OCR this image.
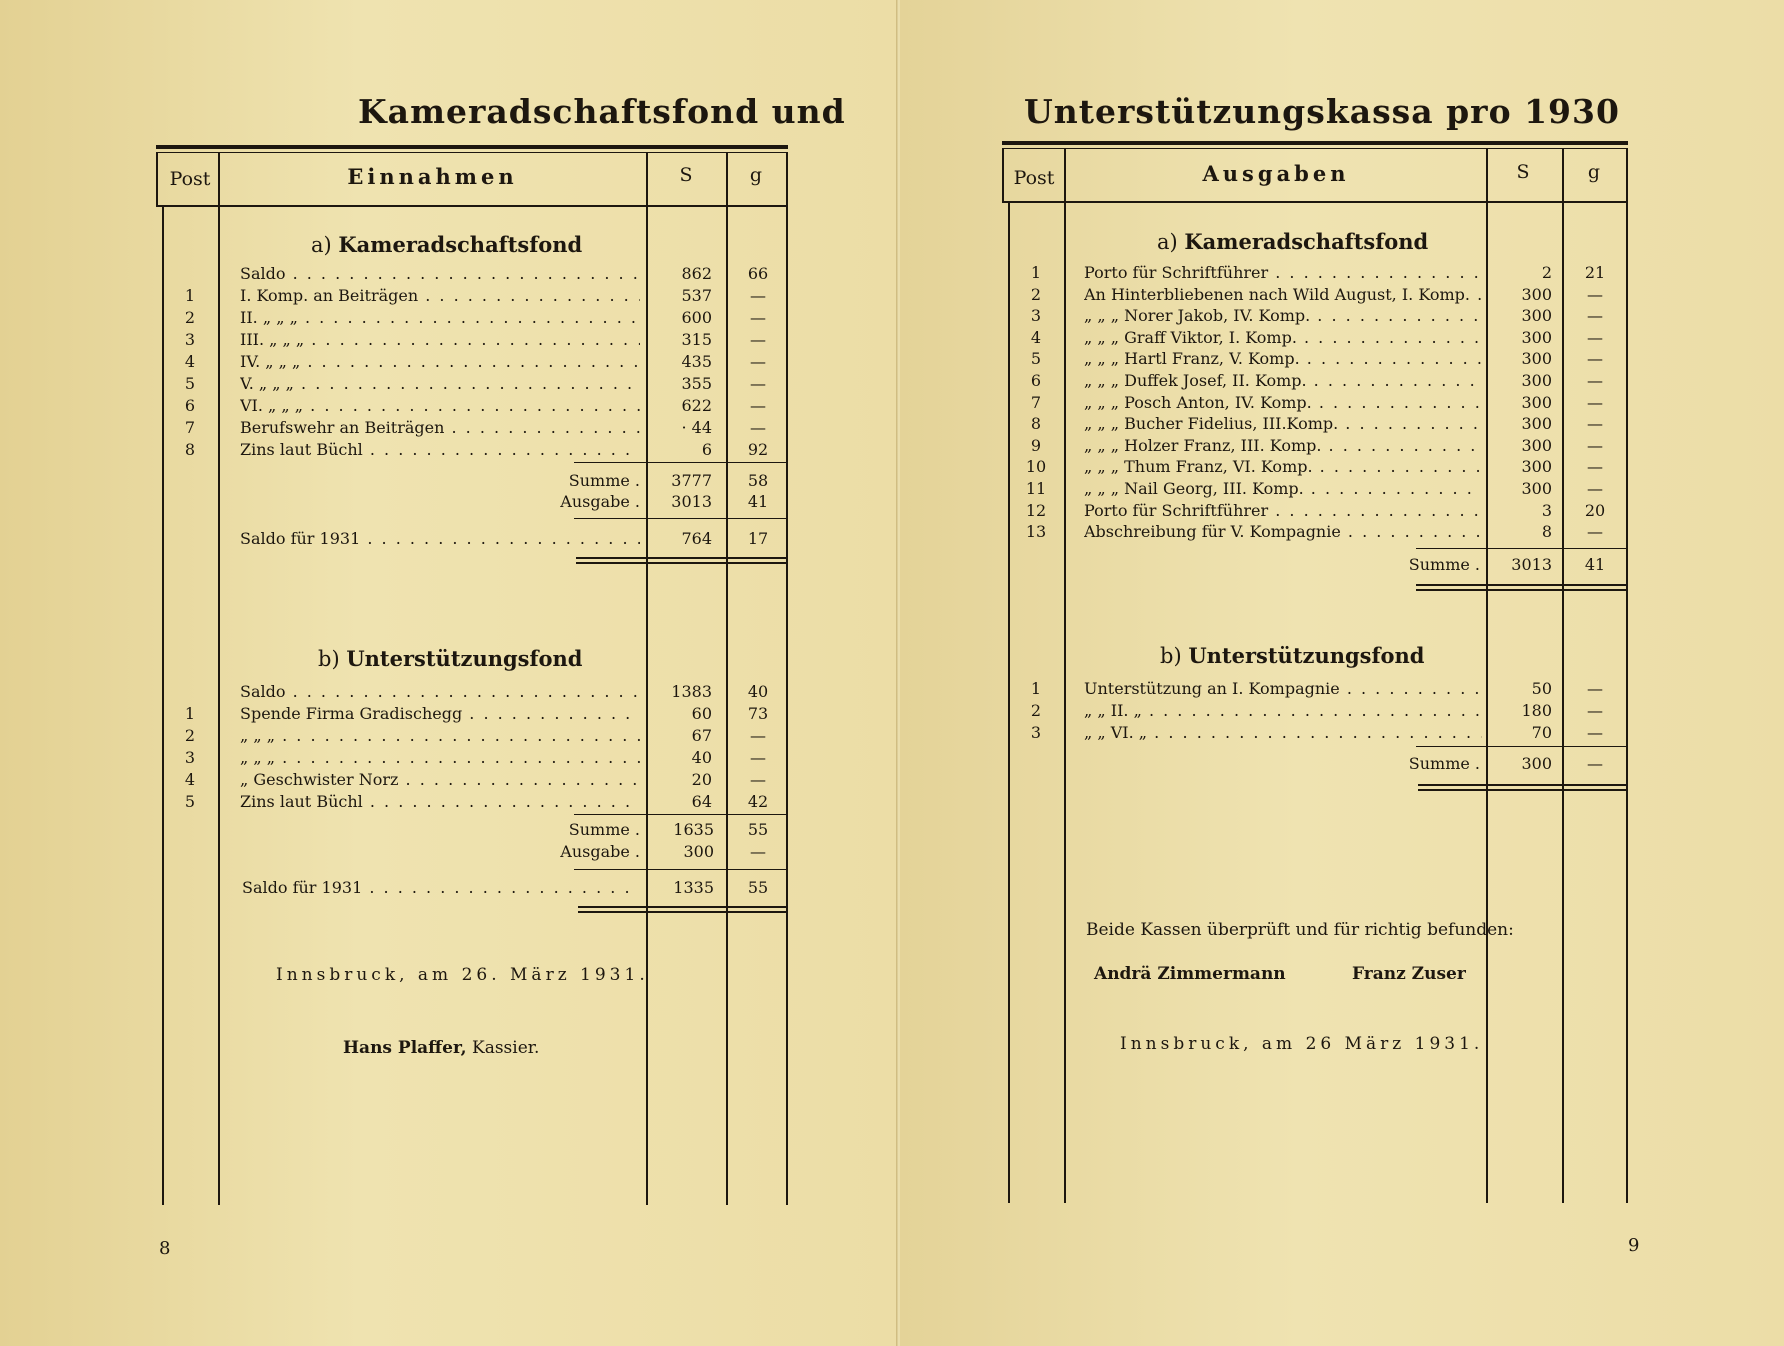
Kameradschaftsfond und
Post	Einnahmen	S	g
a) Kameradschaftsfond
Saldo . . .	862	66
1	I. Komp. an Beiträgen . . .	537	—
2	II. „ „ „ . . .	600	—
3	III. „ „ „ . . .	315	—
4	IV. „ „ „ . . .	435	—
5	V. „ „ „ . . .	355	—
6	VI. „ „ „ . . .	622	—
7	Berufswehr an Beiträgen . . .	· 44	—
8	Zins laut Büchl . . .	6	92
Summe .	3777	58
Ausgabe .	3013	41
Saldo für 1931 . . .	764	17
b) Unterstützungsfond
Saldo . . .	1383	40
1	Spende Firma Gradischegg . . .	60	73
2	„ „ „ . . .	67	—
3	„ „ „ . . .	40	—
4	„ Geschwister Norz . . .	20	—
5	Zins laut Büchl . . .	64	42
Summe .	1635	55
Ausgabe .	300	—
Saldo für 1931 . . .	1335	55
Innsbruck, am 26. März 1931.
Hans Plaffer, Kassier.
8
Unterstützungskassa pro 1930
Post	Ausgaben	S	g
a) Kameradschaftsfond
1	Porto für Schriftführer . . .	2	21
2	An Hinterbliebenen nach Wild August, I. Komp. . . .	300	—
3	„ „ „ Norer Jakob, IV. Komp. . . .	300	—
4	„ „ „ Graff Viktor, I. Komp. . . .	300	—
5	„ „ „ Hartl Franz, V. Komp. . . .	300	—
6	„ „ „ Duffek Josef, II. Komp. . . .	300	—
7	„ „ „ Posch Anton, IV. Komp. . . .	300	—
8	„ „ „ Bucher Fidelius, III.Komp. . . .	300	—
9	„ „ „ Holzer Franz, III. Komp. . . .	300	—
10	„ „ „ Thum Franz, VI. Komp. . . .	300	—
11	„ „ „ Nail Georg, III. Komp. . . .	300	—
12	Porto für Schriftführer . . .	3	20
13	Abschreibung für V. Kompagnie . . .	8	—
Summe .	3013	41
b) Unterstützungsfond
1	Unterstützung an I. Kompagnie . . .	50	—
2	„ „ II. „ . . .	180	—
3	„ „ VI. „ . . .	70	—
Summe .	300	—
Beide Kassen überprüft und für richtig befunden:
Andrä Zimmermann	Franz Zuser
Innsbruck, am 26 März 1931.
9
